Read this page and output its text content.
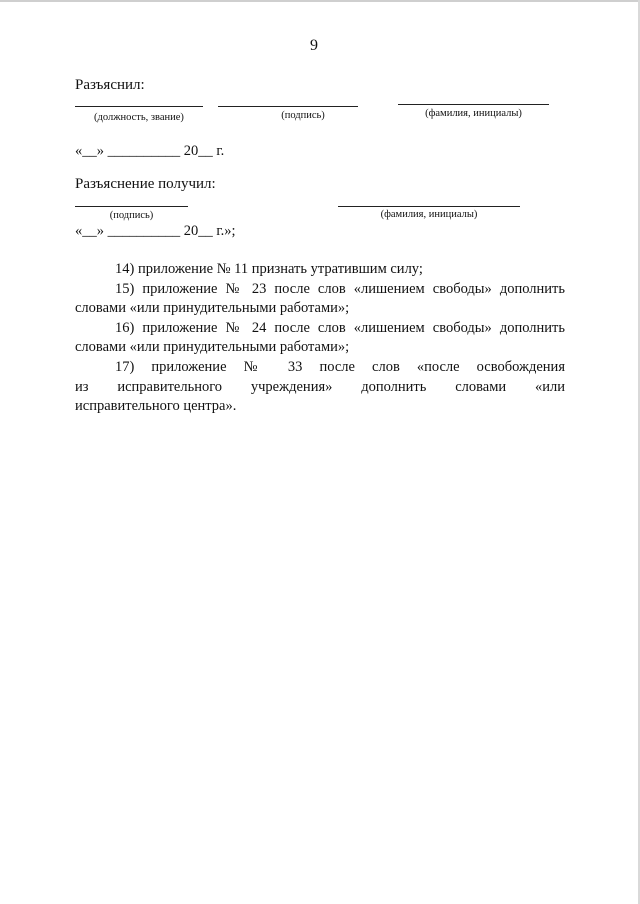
9
Разъяснил:
(должность, звание)	(подпись)	(фамилия, инициалы)
«__» __________ 20__ г.
Разъяснение получил:
(подпись)	(фамилия, инициалы)
«__» __________ 20__ г.»;
14) приложение № 11 признать утратившим силу;
15) приложение № 23 после слов «лишением свободы» дополнить
словами «или принудительными работами»;
16) приложение № 24 после слов «лишением свободы» дополнить
словами «или принудительными работами»;
17) приложение № 33 после слов «после освобождения
из исправительного учреждения» дополнить словами «или
исправительного центра».
